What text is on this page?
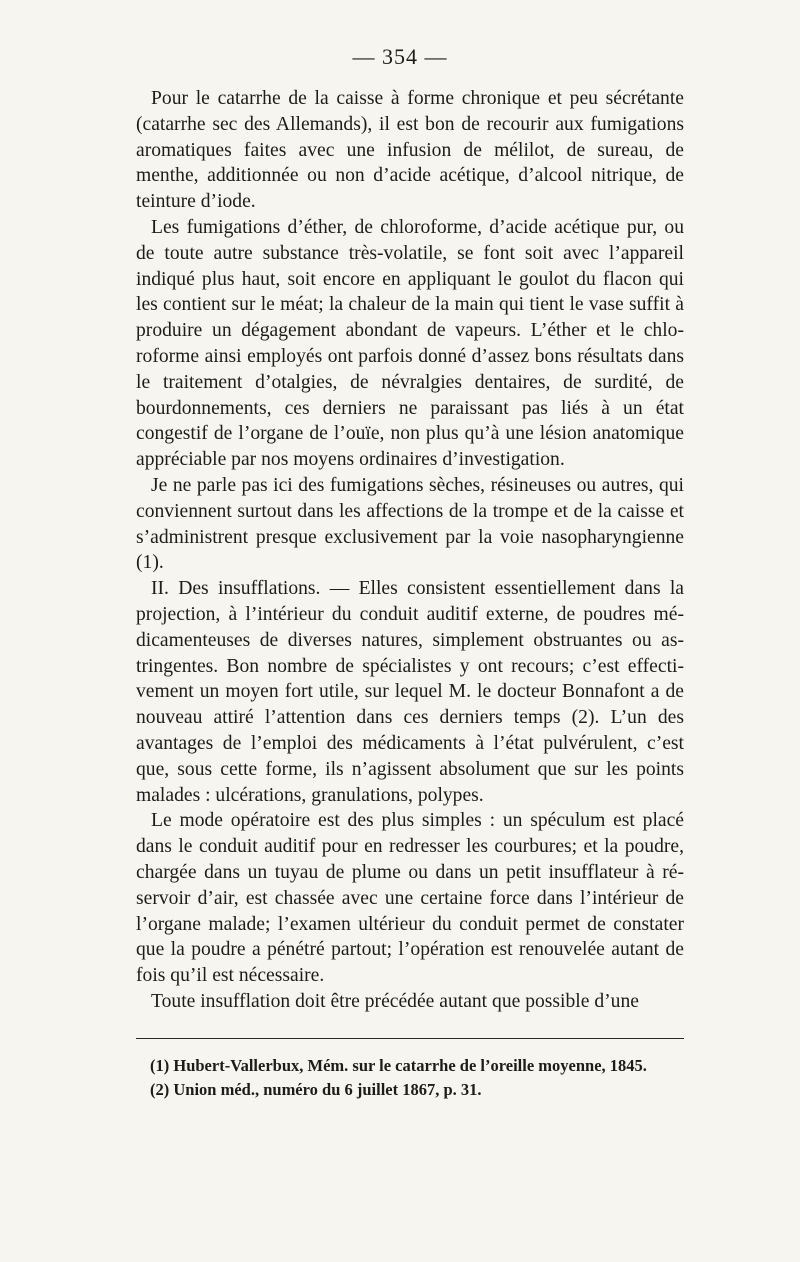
— 354 —

Pour le catarrhe de la caisse à forme chronique et peu sécrétante (catarrhe sec des Allemands), il est bon de recourir aux fumigations aromatiques faites avec une infusion de mélilot, de sureau, de menthe, additionnée ou non d’acide acétique, d’alcool nitrique, de teinture d’iode.

Les fumigations d’éther, de chloroforme, d’acide acétique pur, ou de toute autre substance très-volatile, se font soit avec l’appareil indiqué plus haut, soit encore en appliquant le goulot du flacon qui les contient sur le méat; la chaleur de la main qui tient le vase suffit à produire un dégagement abondant de vapeurs. L’éther et le chloroforme ainsi employés ont parfois donné d’assez bons résultats dans le traitement d’otalgies, de névralgies dentaires, de surdité, de bourdonnements, ces derniers ne paraissant pas liés à un état congestif de l’organe de l’ouïe, non plus qu’à une lésion anatomique appréciable par nos moyens ordinaires d’investigation.

Je ne parle pas ici des fumigations sèches, résineuses ou autres, qui conviennent surtout dans les affections de la trompe et de la caisse et s’administrent presque exclusivement par la voie nasopharyngienne (1).

II. Des insufflations. — Elles consistent essentiellement dans la projection, à l’intérieur du conduit auditif externe, de poudres médicamenteuses de diverses natures, simplement obstruantes ou astringentes. Bon nombre de spécialistes y ont recours; c’est effectivement un moyen fort utile, sur lequel M. le docteur Bonnafont a de nouveau attiré l’attention dans ces derniers temps (2). L’un des avantages de l’emploi des médicaments à l’état pulvérulent, c’est que, sous cette forme, ils n’agissent absolument que sur les points malades : ulcérations, granulations, polypes.

Le mode opératoire est des plus simples : un spéculum est placé dans le conduit auditif pour en redresser les courbures; et la poudre, chargée dans un tuyau de plume ou dans un petit insufflateur à réservoir d’air, est chassée avec une certaine force dans l’intérieur de l’organe malade; l’examen ultérieur du conduit permet de constater que la poudre a pénétré partout; l’opération est renouvelée autant de fois qu’il est nécessaire.

Toute insufflation doit être précédée autant que possible d’une

(1) Hubert-Vallerbux, Mém. sur le catarrhe de l’oreille moyenne, 1845.
(2) Union méd., numéro du 6 juillet 1867, p. 31.
